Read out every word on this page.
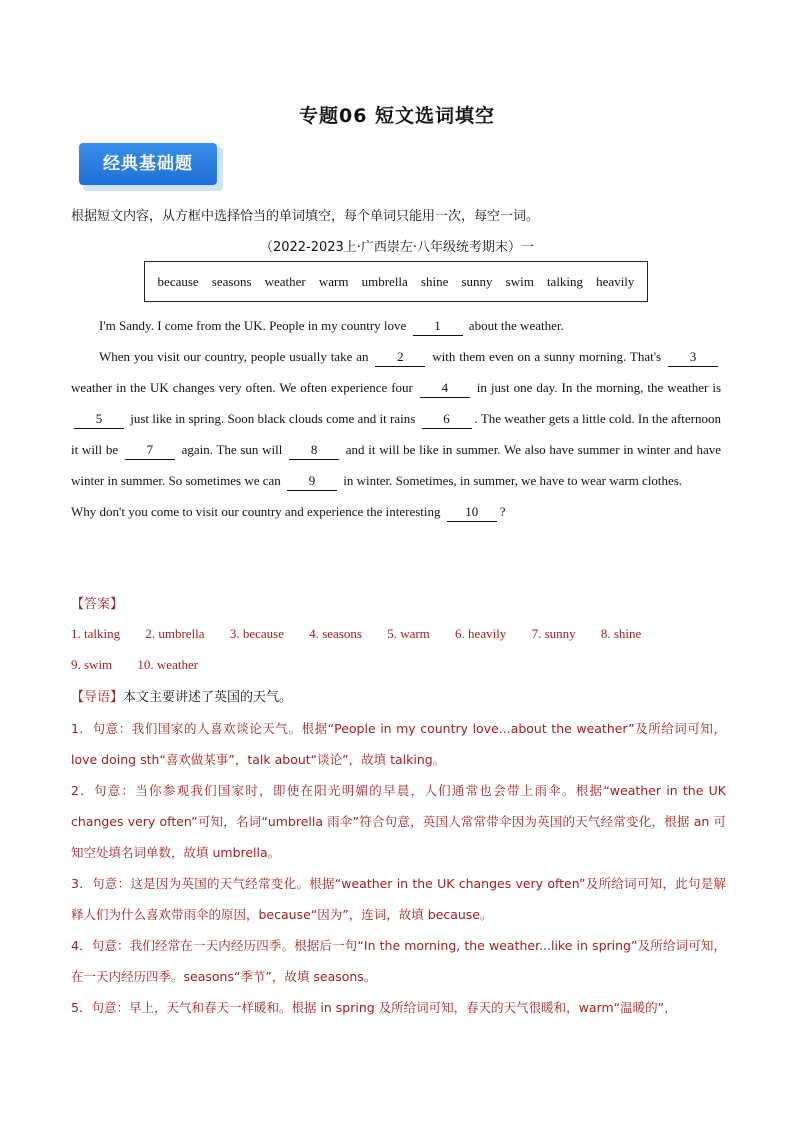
专题06 短文选词填空
经典基础题
根据短文内容，从方框中选择恰当的单词填空，每个单词只能用一次，每空一词。
（2022-2023上·广西崇左·八年级统考期末）一
because seasons weather warm umbrella shine sunny swim talking heavily

I'm Sandy. I come from the UK. People in my country love 1 about the weather.

When you visit our country, people usually take an 2 with them even on a sunny morning. That's 3 weather in the UK changes very often. We often experience four 4 in just one day. In the morning, the weather is 5 just like in spring. Soon black clouds come and it rains 6 . The weather gets a little cold. In the afternoon it will be 7 again. The sun will 8 and it will be like in summer. We also have summer in winter and have winter in summer. So sometimes we can 9 in winter. Sometimes, in summer, we have to wear warm clothes.

Why don't you come to visit our country and experience the interesting 10 ?

【答案】
1. talking 2. umbrella 3. because 4. seasons 5. warm 6. heavily 7. sunny 8. shine
9. swim 10. weather
【导语】本文主要讲述了英国的天气。

1．句意：我们国家的人喜欢谈论天气。根据“People in my country love...about the weather”及所给词可知，love doing sth“喜欢做某事”，talk about“谈论”，故填 talking。

2．句意：当你参观我们国家时，即使在阳光明媚的早晨，人们通常也会带上雨伞。根据“weather in the UK changes very often”可知，名词“umbrella 雨伞”符合句意，英国人常常带伞因为英国的天气经常变化，根据 an 可知空处填名词单数，故填 umbrella。

3．句意：这是因为英国的天气经常变化。根据“weather in the UK changes very often”及所给词可知，此句是解释人们为什么喜欢带雨伞的原因，because“因为”，连词，故填 because。

4．句意：我们经常在一天内经历四季。根据后一句“In the morning, the weather...like in spring”及所给词可知，在一天内经历四季。seasons“季节”，故填 seasons。

5．句意：早上，天气和春天一样暖和。根据 in spring 及所给词可知，春天的天气很暖和，warm“温暖的”，
